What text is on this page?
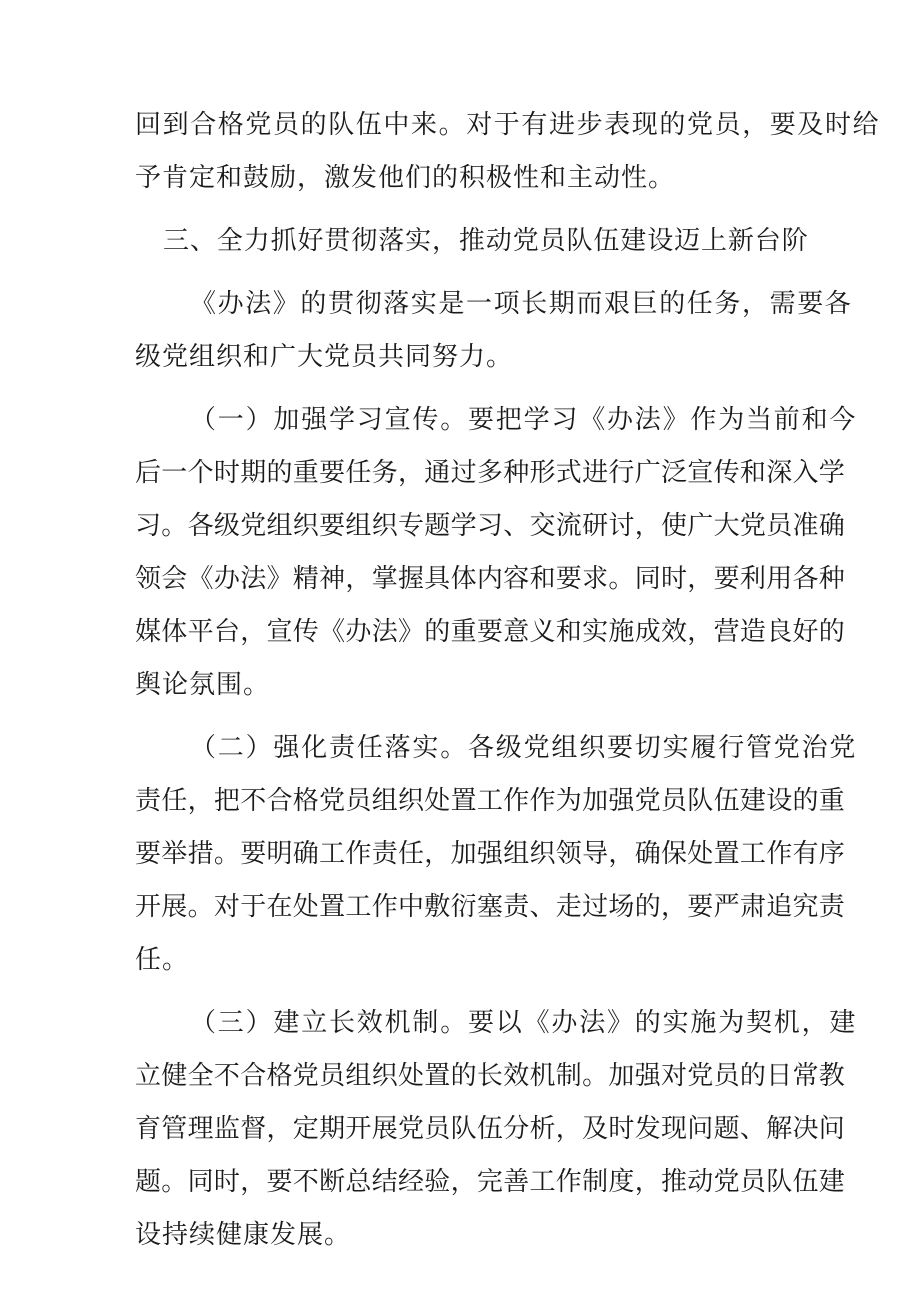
回到合格党员的队伍中来。对于有进步表现的党员，要及时给
予肯定和鼓励，激发他们的积极性和主动性。
三、全力抓好贯彻落实，推动党员队伍建设迈上新台阶
《办法》的贯彻落实是一项长期而艰巨的任务，需要各
级党组织和广大党员共同努力。
（一）加强学习宣传。要把学习《办法》作为当前和今
后一个时期的重要任务，通过多种形式进行广泛宣传和深入学
习。各级党组织要组织专题学习、交流研讨，使广大党员准确
领会《办法》精神，掌握具体内容和要求。同时，要利用各种
媒体平台，宣传《办法》的重要意义和实施成效，营造良好的
舆论氛围。
（二）强化责任落实。各级党组织要切实履行管党治党
责任，把不合格党员组织处置工作作为加强党员队伍建设的重
要举措。要明确工作责任，加强组织领导，确保处置工作有序
开展。对于在处置工作中敷衍塞责、走过场的，要严肃追究责
任。
（三）建立长效机制。要以《办法》的实施为契机，建
立健全不合格党员组织处置的长效机制。加强对党员的日常教
育管理监督，定期开展党员队伍分析，及时发现问题、解决问
题。同时，要不断总结经验，完善工作制度，推动党员队伍建
设持续健康发展。
